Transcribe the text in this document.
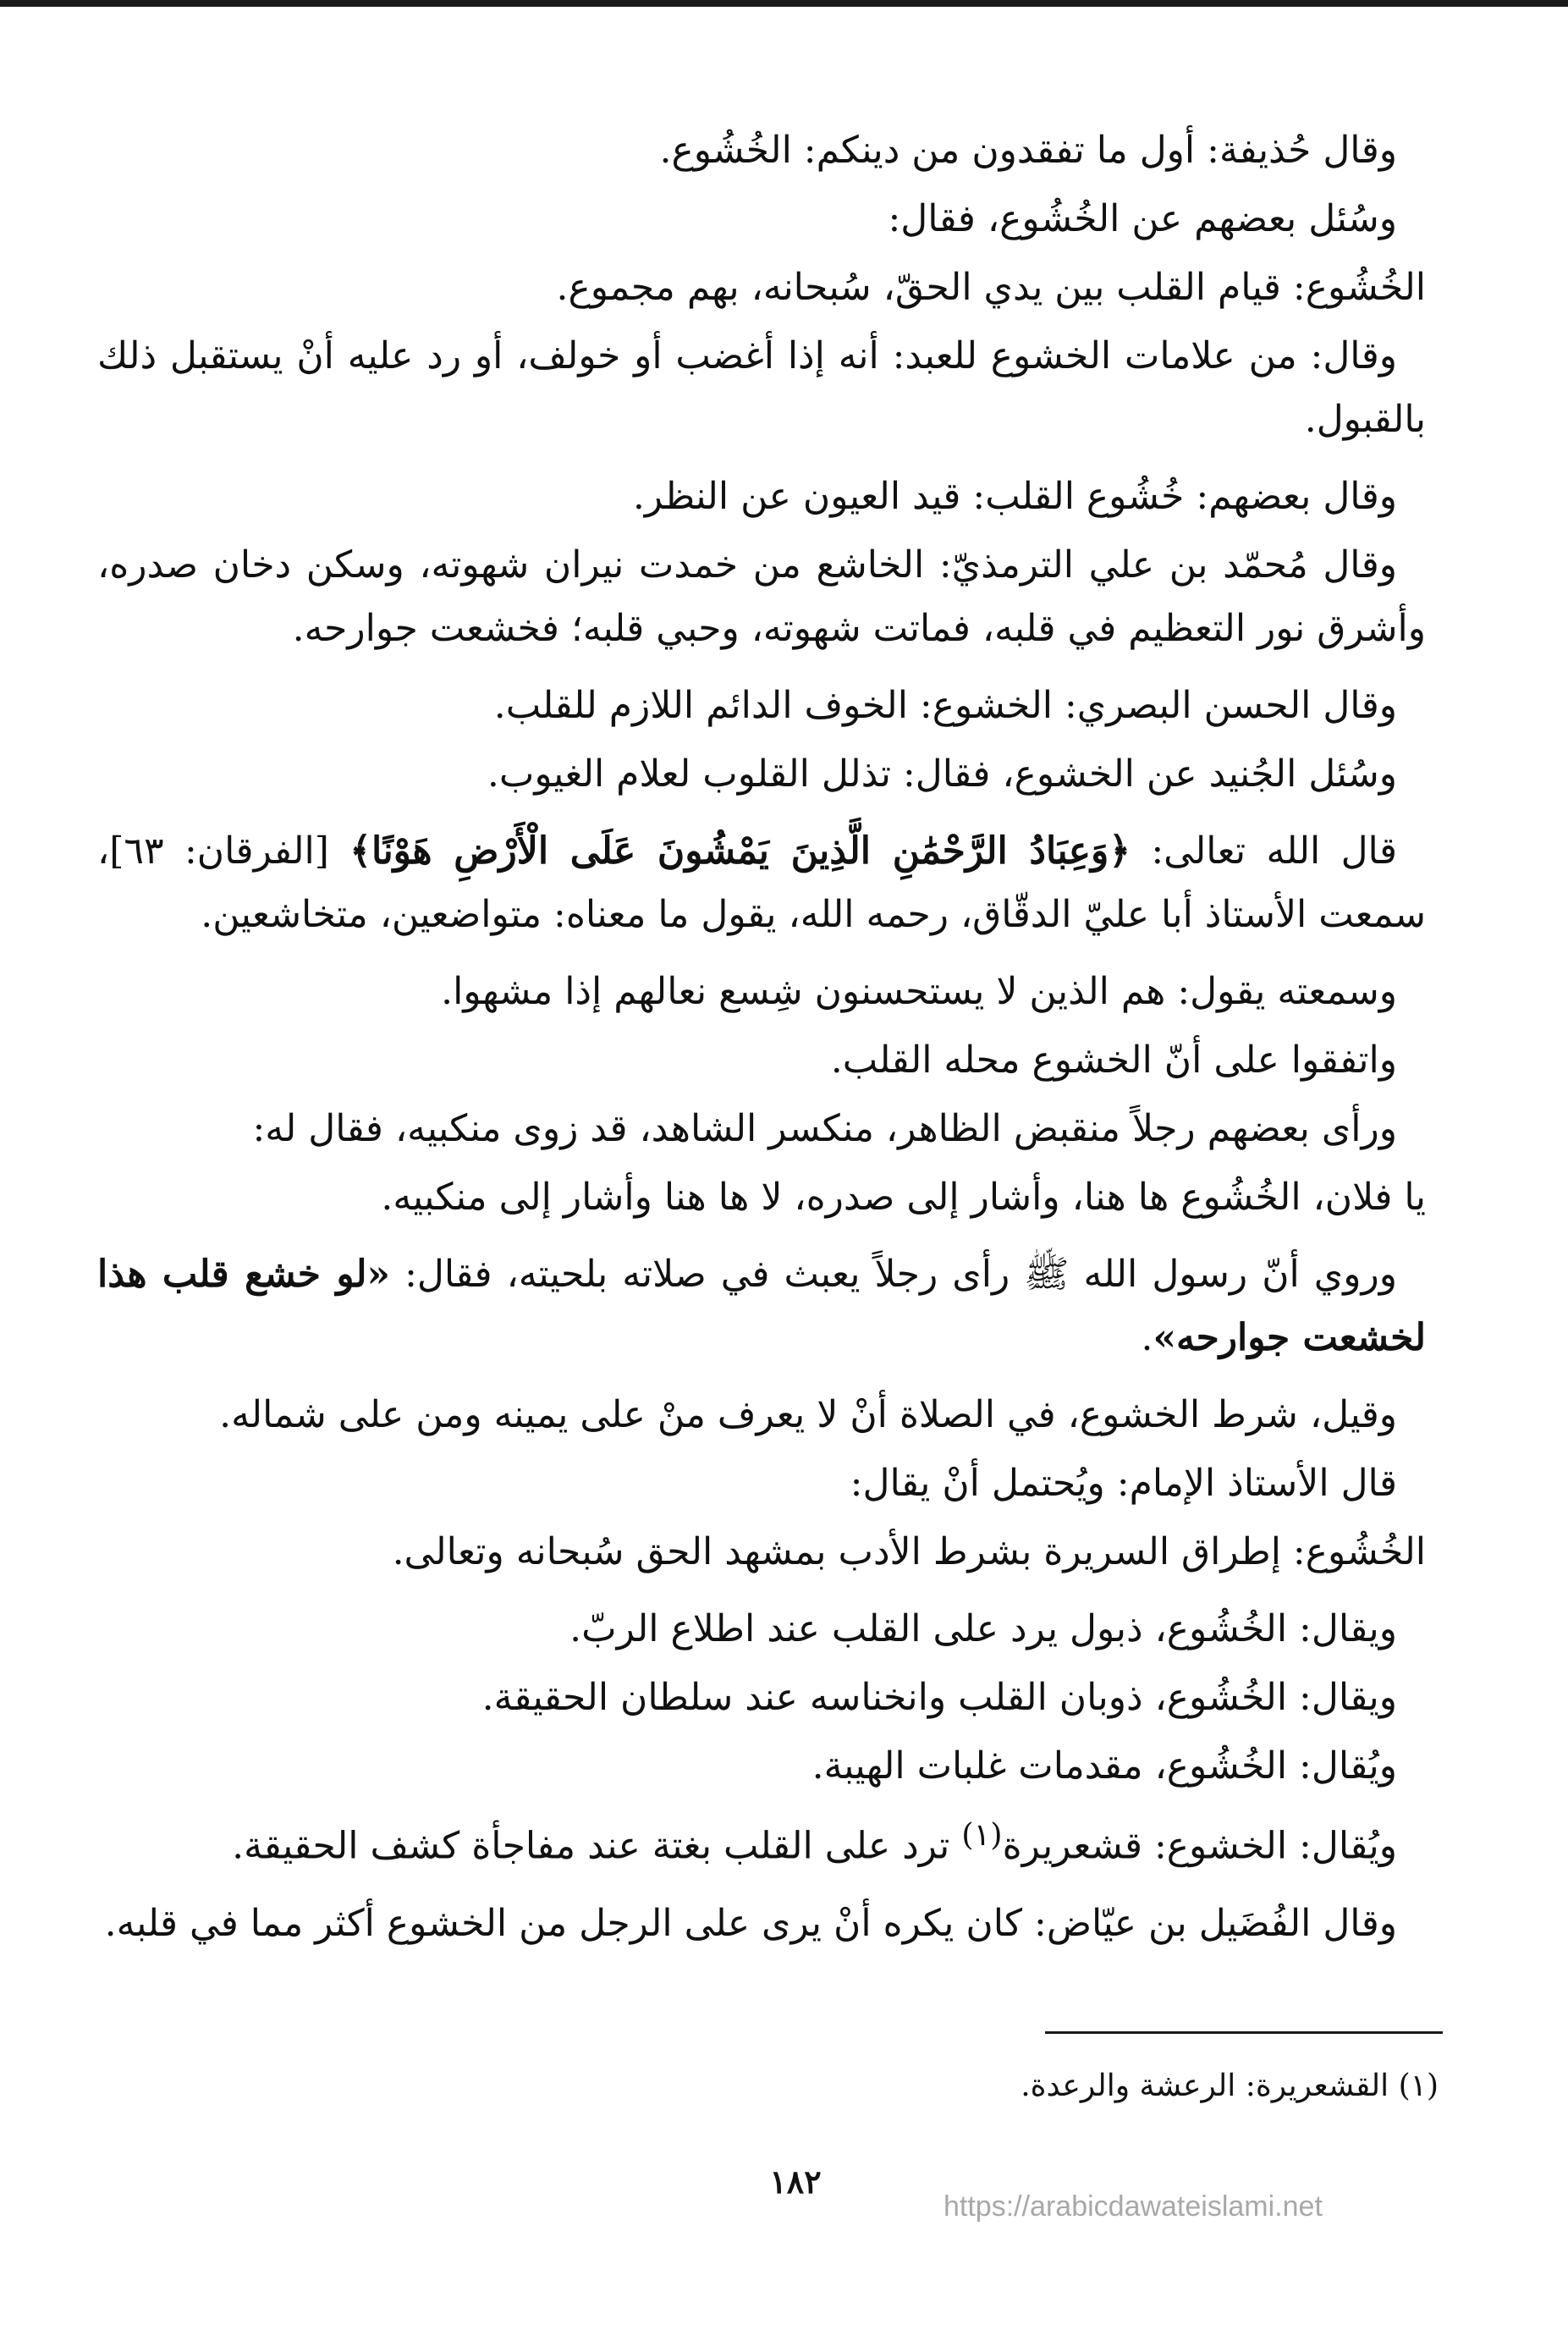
وقال حُذيفة: أول ما تفقدون من دينكم: الخُشُوع.

وسُئل بعضهم عن الخُشُوع، فقال:

الخُشُوع: قيام القلب بين يدي الحقّ، سُبحانه، بهم مجموع.

وقال: من علامات الخشوع للعبد: أنه إذا أغضب أو خولف، أو رد عليه أنْ يستقبل ذلك بالقبول.

وقال بعضهم: خُشُوع القلب: قيد العيون عن النظر.

وقال مُحمّد بن علي الترمذيّ: الخاشع من خمدت نيران شهوته، وسكن دخان صدره، وأشرق نور التعظيم في قلبه، فماتت شهوته، وحبي قلبه؛ فخشعت جوارحه.

وقال الحسن البصري: الخشوع: الخوف الدائم اللازم للقلب.

وسُئل الجُنيد عن الخشوع، فقال: تذلل القلوب لعلام الغيوب.

قال الله تعالى: ﴿وَعِبَادُ الرَّحْمَٰنِ الَّذِينَ يَمْشُونَ عَلَى الْأَرْضِ هَوْنًا﴾ [الفرقان: ٦٣]، سمعت الأستاذ أبا عليّ الدقّاق، رحمه الله، يقول ما معناه: متواضعين، متخاشعين.

وسمعته يقول: هم الذين لا يستحسنون شِسع نعالهم إذا مشهوا.

واتفقوا على أنّ الخشوع محله القلب.

ورأى بعضهم رجلاً منقبض الظاهر، منكسر الشاهد، قد زوى منكبيه، فقال له:

يا فلان، الخُشُوع ها هنا، وأشار إلى صدره، لا ها هنا وأشار إلى منكبيه.

وروي أنّ رسول الله ﷺ رأى رجلاً يعبث في صلاته بلحيته، فقال: «لو خشع قلب هذا لخشعت جوارحه».

وقيل، شرط الخشوع، في الصلاة أنْ لا يعرف منْ على يمينه ومن على شماله.

قال الأستاذ الإمام: ويُحتمل أنْ يقال:

الخُشُوع: إطراق السريرة بشرط الأدب بمشهد الحق سُبحانه وتعالى.

ويقال: الخُشُوع، ذبول يرد على القلب عند اطلاع الربّ.

ويقال: الخُشُوع، ذوبان القلب وانخناسه عند سلطان الحقيقة.

ويُقال: الخُشُوع، مقدمات غلبات الهيبة.

ويُقال: الخشوع: قشعريرة$^{(١)}$ ترد على القلب بغتة عند مفاجأة كشف الحقيقة.

وقال الفُضَيل بن عيّاض: كان يكره أنْ يرى على الرجل من الخشوع أكثر مما في قلبه.

(١) القشعريرة: الرعشة والرعدة.
١٨٢
https://arabicdawateislami.net
